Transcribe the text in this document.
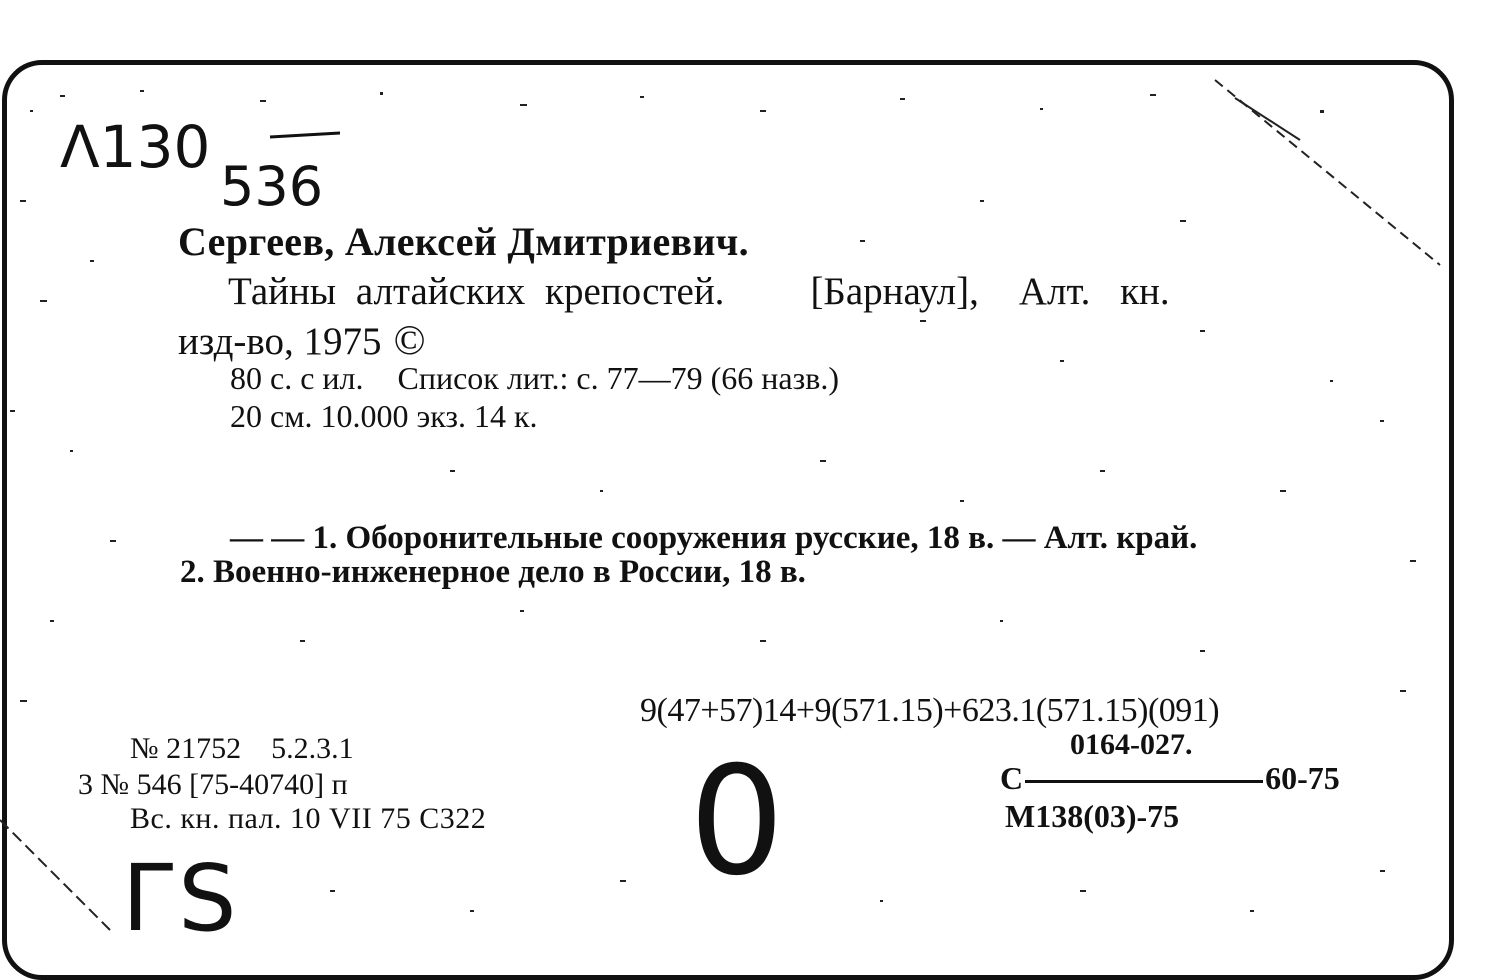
Λ130
536
Сергеев, Алексей Дмитриевич.
Тайны алтайских крепостей. [Барнаул], Алт. кн.
изд-во, 1975 ©
80 с. с ил. Список лит.: с. 77—79 (66 назв.)
20 см. 10.000 экз. 14 к.
— — 1. Оборонительные сооружения русские, 18 в. — Алт. край.
2. Военно-инженерное дело в России, 18 в.
9(47+57)14+9(571.15)+623.1(571.15)(091)
0164-027.
С	60-75
М138(03)-75
№ 21752 5.2.3.1
3 № 546 [75-40740] п
Вс. кн. пал. 10 VII 75 С322 0
ГS
